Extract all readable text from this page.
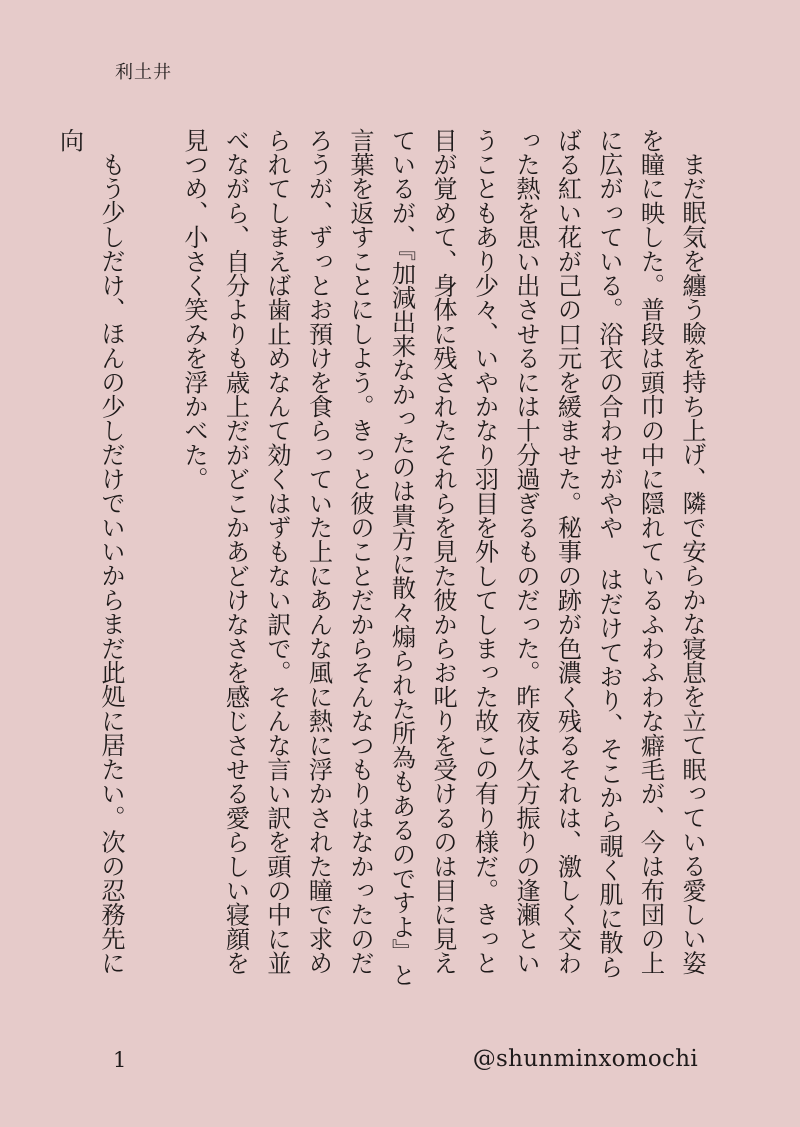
利土井

まだ眠気を纏う瞼を持ち上げ、隣で安らかな寝息を立て眠っている愛しい姿を瞳に映した。普段は頭巾の中に隠れているふわふわな癖毛が、今は布団の上に広がっている。浴衣の合わせがやや はだけており、そこから覗く肌に散らばる紅い花が己の口元を緩ませた。秘事の跡が色濃く残るそれは、激しく交わった熱を思い出させるには十分過ぎるものだった。昨夜は久方振りの逢瀬ということもあり少々、いやかなり羽目を外してしまった故この有り様だ。きっと目が覚めて、身体に残されたそれらを見た彼からお叱りを受けるのは目に見えているが、『加減出来なかったのは貴方に散々煽られた所為もあるのですよ』と言葉を返すことにしよう。きっと彼のことだからそんなつもりはなかったのだろうが、ずっとお預けを食らっていた上にあんな風に熱に浮かされた瞳で求められてしまえば歯止めなんて効くはずもない訳で。そんな言い訳を頭の中に並べながら、自分よりも歳上だがどこかあどけなさを感じさせる愛らしい寝顔を見つめ、小さく笑みを浮かべた。

もう少しだけ、ほんの少しだけでいいからまだ此処に居たい。次の忍務先に向

1	@shunminxomochi
